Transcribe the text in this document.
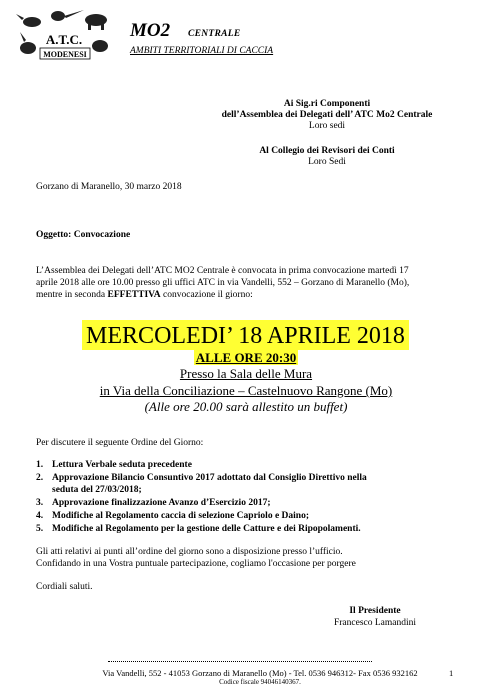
A.T.C.
MODENESI
MO2 CENTRALE
AMBITI TERRITORIALI DI CACCIA
Ai Sig.ri Componenti
dell’Assemblea dei Delegati dell’ ATC Mo2 Centrale
Loro sedi
Al Collegio dei Revisori dei Conti
Loro Sedi
Gorzano di Maranello, 30 marzo 2018
Oggetto: Convocazione
L’Assemblea dei Delegati dell’ATC MO2 Centrale è convocata in prima convocazione martedì 17
aprile 2018 alle ore 10.00 presso gli uffici ATC in via Vandelli, 552 – Gorzano di Maranello (Mo),
mentre in seconda EFFETTIVA convocazione il giorno:
MERCOLEDI’ 18 APRILE 2018
ALLE ORE 20:30
Presso la Sala delle Mura
in Via della Conciliazione – Castelnuovo Rangone (Mo)
(Alle ore 20.00 sarà allestito un buffet)
Per discutere il seguente Ordine del Giorno:
1. Lettura Verbale seduta precedente
2. Approvazione Bilancio Consuntivo 2017 adottato dal Consiglio Direttivo nella
seduta del 27/03/2018;
3. Approvazione finalizzazione Avanzo d’Esercizio 2017;
4. Modifiche al Regolamento caccia di selezione Capriolo e Daino;
5. Modifiche al Regolamento per la gestione delle Catture e dei Ripopolamenti.
Gli atti relativi ai punti all’ordine del giorno sono a disposizione presso l’ufficio.
Confidando in una Vostra puntuale partecipazione, cogliamo l'occasione per porgere
Cordiali saluti.
Il Presidente
Francesco Lamandini
Via Vandelli, 552 - 41053 Gorzano di Maranello (Mo) - Tel. 0536 946312- Fax 0536 932162
Codice fiscale 94046140367.
1
